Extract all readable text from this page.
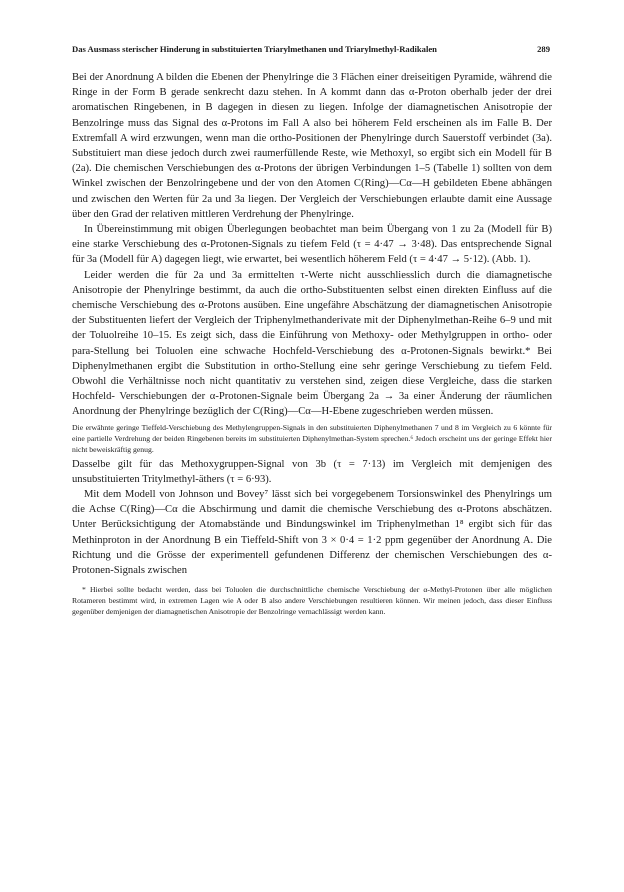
Das Ausmass sterischer Hinderung in substituierten Triarylmethanen und Triarylmethyl-Radikalen	289

Bei der Anordnung A bilden die Ebenen der Phenylringe die 3 Flächen einer dreiseitigen Pyramide, während die Ringe in der Form B gerade senkrecht dazu stehen. In A kommt dann das α-Proton oberhalb jeder der drei aromatischen Ringebenen, in B dagegen in diesen zu liegen. Infolge der diamagnetischen Anisotropie der Benzolringe muss das Signal des α-Protons im Fall A also bei höherem Feld erscheinen als im Falle B. Der Extremfall A wird erzwungen, wenn man die ortho-Positionen der Phenylringe durch Sauerstoff verbindet (3a). Substituiert man diese jedoch durch zwei raumerfüllende Reste, wie Methoxyl, so ergibt sich ein Modell für B (2a). Die chemischen Verschiebungen des α-Protons der übrigen Verbindungen 1–5 (Tabelle 1) sollten von dem Winkel zwischen der Benzolringebene und der von den Atomen C(Ring)—Cα—H gebildeten Ebene abhängen und zwischen den Werten für 2a und 3a liegen. Der Vergleich der Verschiebungen erlaubte damit eine Aussage über den Grad der relativen mittleren Verdrehung der Phenylringe.

In Übereinstimmung mit obigen Überlegungen beobachtet man beim Übergang von 1 zu 2a (Modell für B) eine starke Verschiebung des α-Protonen-Signals zu tiefem Feld (τ = 4·47 → 3·48). Das entsprechende Signal für 3a (Modell für A) dagegen liegt, wie erwartet, bei wesentlich höherem Feld (τ = 4·47 → 5·12). (Abb. 1).

Leider werden die für 2a und 3a ermittelten τ-Werte nicht ausschliesslich durch die diamagnetische Anisotropie der Phenylringe bestimmt, da auch die ortho-Substituenten selbst einen direkten Einfluss auf die chemische Verschiebung des α-Protons ausüben. Eine ungefähre Abschätzung der diamagnetischen Anisotropie der Substituenten liefert der Vergleich der Triphenylmethanderivate mit der Diphenylmethan-Reihe 6–9 und mit der Toluolreihe 10–15. Es zeigt sich, dass die Einführung von Methoxy- oder Methylgruppen in ortho- oder para-Stellung bei Toluolen eine schwache Hochfeld-Verschiebung des α-Protonen-Signals bewirkt.* Bei Diphenylmethanen ergibt die Substitution in ortho-Stellung eine sehr geringe Verschiebung zu tiefem Feld. Obwohl die Verhältnisse noch nicht quantitativ zu verstehen sind, zeigen diese Vergleiche, dass die starken Hochfeld- Verschiebungen der α-Protonen-Signale beim Übergang 2a → 3a einer Änderung der räumlichen Anordnung der Phenylringe bezüglich der C(Ring)—Cα—H-Ebene zugeschrieben werden müssen.

Die erwähnte geringe Tieffeld-Verschiebung des Methylengruppen-Signals in den substituierten Diphenylmethanen 7 und 8 im Vergleich zu 6 könnte für eine partielle Verdrehung der beiden Ringebenen bereits im substituierten Diphenylmethan-System sprechen.⁶ Jedoch erscheint uns der geringe Effekt hier nicht beweiskräftig genug.

Dasselbe gilt für das Methoxygruppen-Signal von 3b (τ = 7·13) im Vergleich mit demjenigen des unsubstituierten Tritylmethyl-äthers (τ = 6·93).

Mit dem Modell von Johnson und Bovey⁷ lässt sich bei vorgegebenem Torsionswinkel des Phenylrings um die Achse C(Ring)—Cα die Abschirmung und damit die chemische Verschiebung des α-Protons abschätzen. Unter Berücksichtigung der Atomabstände und Bindungswinkel im Triphenylmethan 1⁸ ergibt sich für das Methinproton in der Anordnung B ein Tieffeld-Shift von 3 × 0·4 = 1·2 ppm gegenüber der Anordnung A. Die Richtung und die Grösse der experimentell gefundenen Differenz der chemischen Verschiebungen des α-Protonen-Signals zwischen

* Hierbei sollte bedacht werden, dass bei Toluolen die durchschnittliche chemische Verschiebung der α-Methyl-Protonen über alle möglichen Rotameren bestimmt wird, in extremen Lagen wie A oder B also andere Verschiebungen resultieren können. Wir meinen jedoch, dass dieser Einfluss gegenüber demjenigen der diamagnetischen Anisotropie der Benzolringe vernachlässigt werden kann.
